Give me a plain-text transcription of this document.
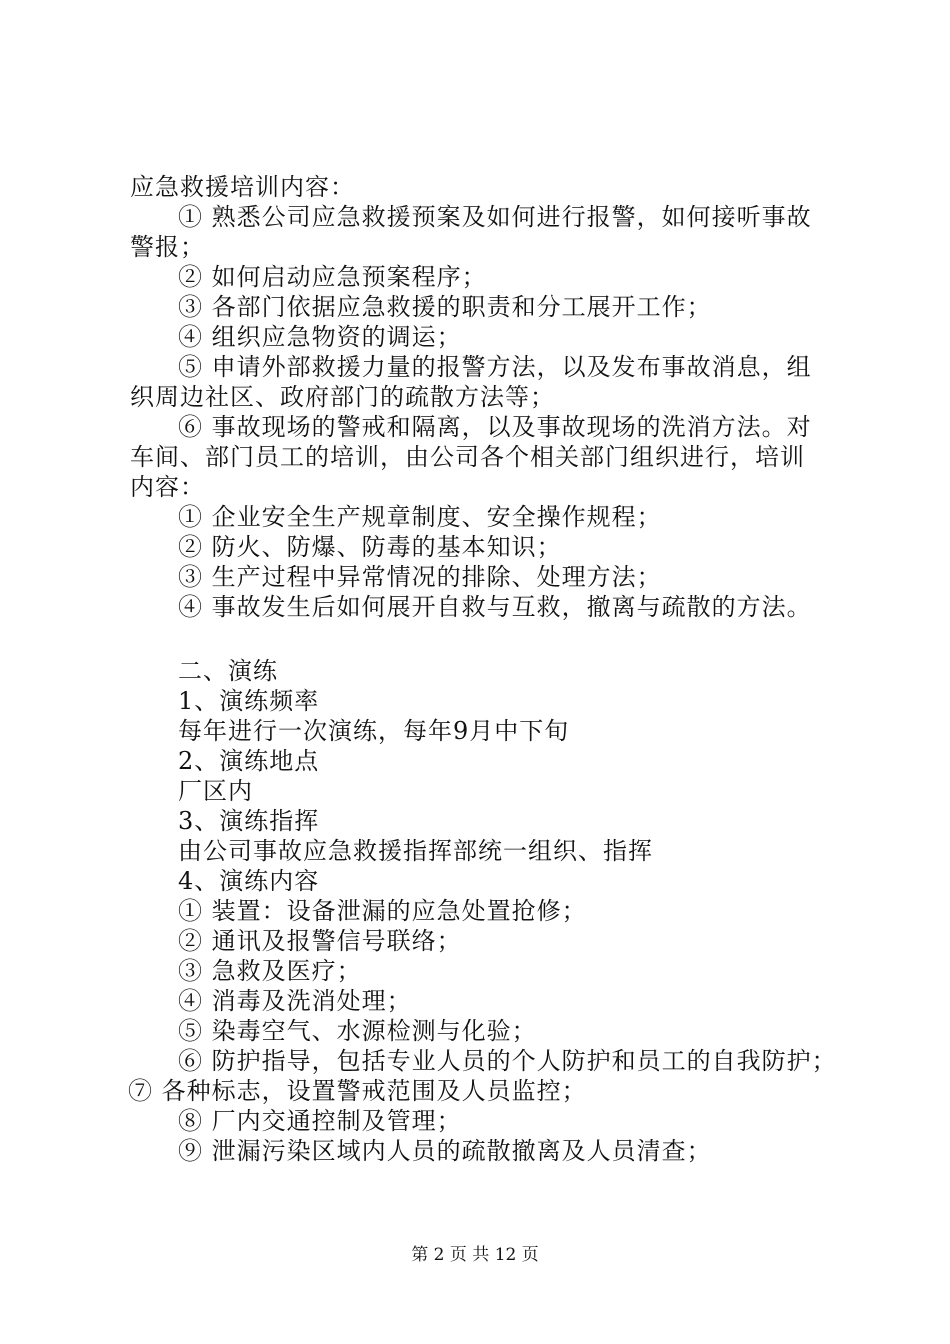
应急救援培训内容：
① 熟悉公司应急救援预案及如何进行报警，如何接听事故
警报；
② 如何启动应急预案程序；
③ 各部门依据应急救援的职责和分工展开工作；
④ 组织应急物资的调运；
⑤ 申请外部救援力量的报警方法，以及发布事故消息，组
织周边社区、政府部门的疏散方法等；
⑥ 事故现场的警戒和隔离，以及事故现场的洗消方法。对
车间、部门员工的培训，由公司各个相关部门组织进行，培训
内容：
① 企业安全生产规章制度、安全操作规程；
② 防火、防爆、防毒的基本知识；
③ 生产过程中异常情况的排除、处理方法；
④ 事故发生后如何展开自救与互救，撤离与疏散的方法。
二、演练
1、演练频率
每年进行一次演练，每年9月中下旬
2、演练地点
厂区内
3、演练指挥
由公司事故应急救援指挥部统一组织、指挥
4、演练内容
① 装置：设备泄漏的应急处置抢修；
② 通讯及报警信号联络；
③ 急救及医疗；
④ 消毒及洗消处理；
⑤ 染毒空气、水源检测与化验；
⑥ 防护指导，包括专业人员的个人防护和员工的自我防护；
⑦ 各种标志，设置警戒范围及人员监控；
⑧ 厂内交通控制及管理；
⑨ 泄漏污染区域内人员的疏散撤离及人员清查；
第 2 页 共 12 页
